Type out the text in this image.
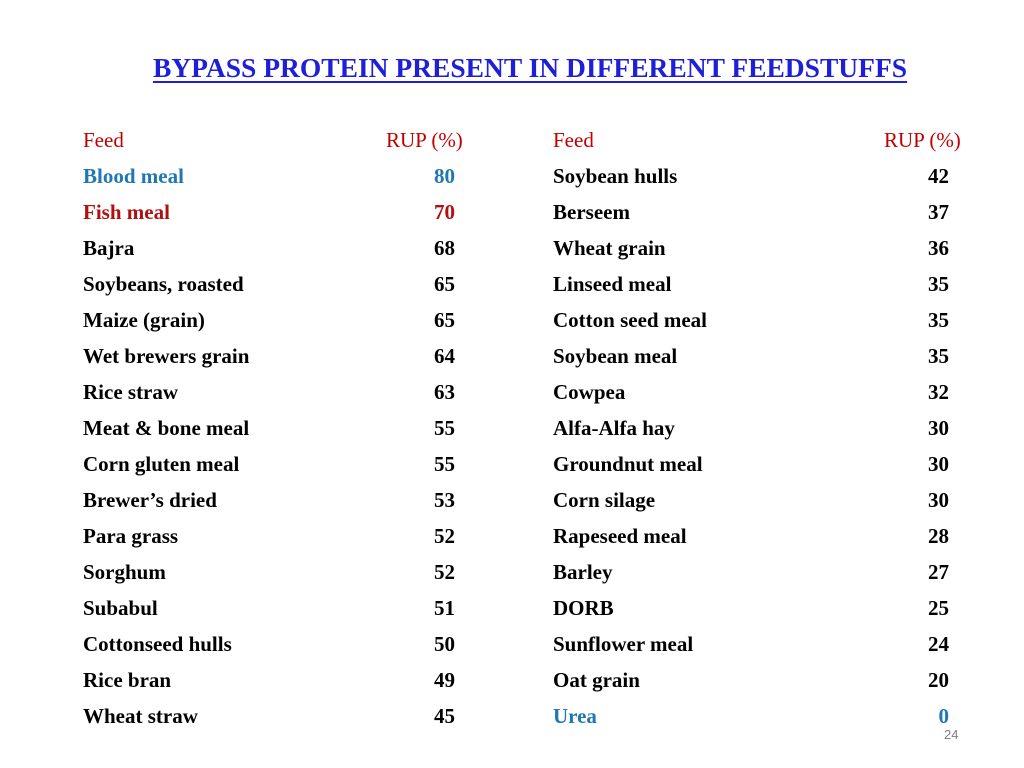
BYPASS PROTEIN PRESENT IN DIFFERENT FEEDSTUFFS
Feed	RUP (%)
Blood meal	80
Fish meal	70
Bajra	68
Soybeans, roasted	65
Maize (grain)	65
Wet brewers grain	64
Rice straw	63
Meat & bone meal	55
Corn gluten meal	55
Brewer’s dried	53
Para grass	52
Sorghum	52
Subabul	51
Cottonseed hulls	50
Rice bran	49
Wheat straw	45
Feed	RUP (%)
Soybean hulls	42
Berseem	37
Wheat grain	36
Linseed meal	35
Cotton seed meal	35
Soybean meal	35
Cowpea	32
Alfa-Alfa hay	30
Groundnut meal	30
Corn silage	30
Rapeseed meal	28
Barley	27
DORB	25
Sunflower meal	24
Oat grain	20
Urea	0
24
